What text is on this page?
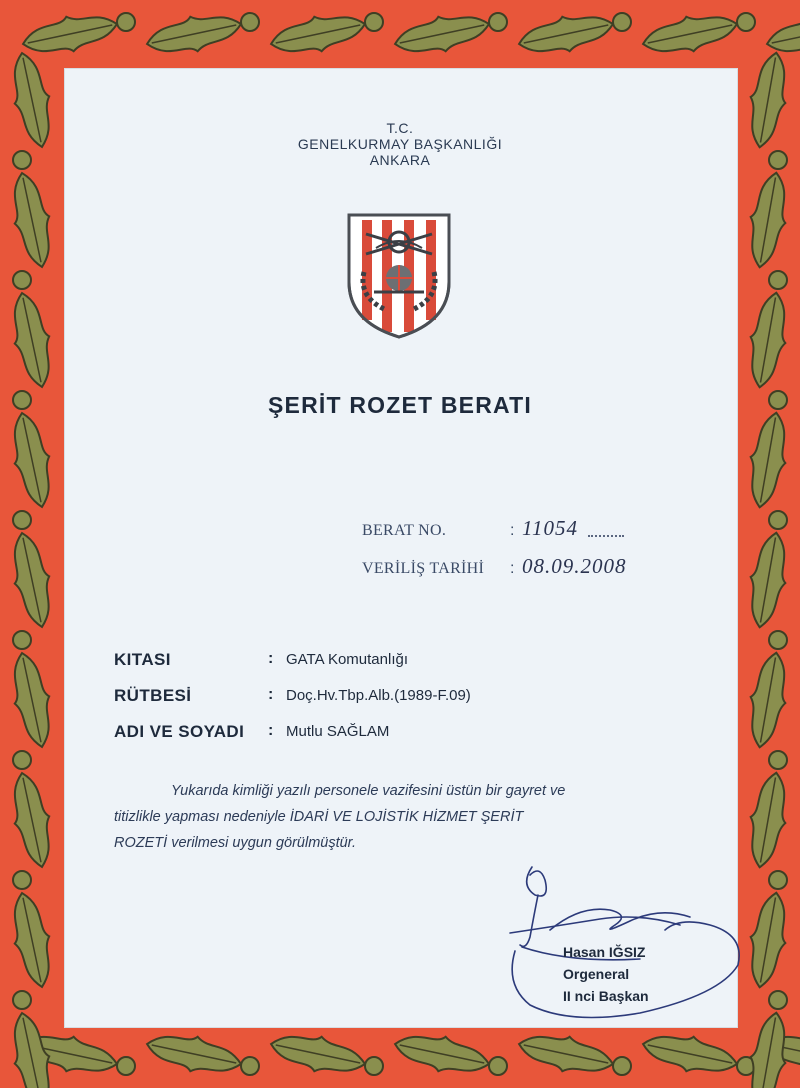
T.C.
GENELKURMAY BAŞKANLIĞI
ANKARA
ŞERİT ROZET BERATI
BERAT NO.	: 11054
VERİLİŞ TARİHİ : 08.09.2008
KITASI	: GATA Komutanlığı
RÜTBESİ	: Doç.Hv.Tbp.Alb.(1989-F.09)
ADI VE SOYADI : Mutlu SAĞLAM
Yukarıda kimliği yazılı personele vazifesini üstün bir gayret ve
titizlikle yapması nedeniyle İDARİ VE LOJİSTİK HİZMET ŞERİT
ROZETİ verilmesi uygun görülmüştür.
Hasan IĞSIZ
Orgeneral
II nci Başkan
